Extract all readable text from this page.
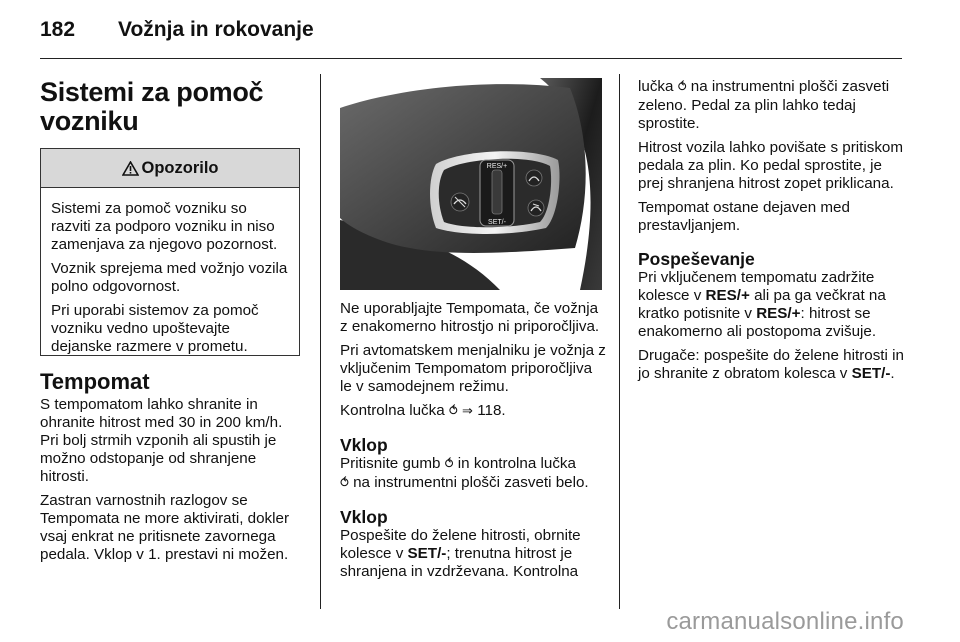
182 Vožnja in rokovanje
Sistemi za pomoč
vozniku
Opozorilo

Sistemi za pomoč vozniku so razviti za podporo vozniku in niso zamenjava za njegovo pozornost.

Voznik sprejema med vožnjo vozila polno odgovornost.

Pri uporabi sistemov za pomoč vozniku vedno upoštevajte dejanske razmere v prometu.

Tempomat

S tempomatom lahko shranite in ohranite hitrost med 30 in 200 km/h. Pri bolj strmih vzponih ali spustih je možno odstopanje od shranjene hitrosti.

Zastran varnostnih razlogov se Tempomata ne more aktivirati, dokler vsaj enkrat ne pritisnete zavornega pedala. Vklop v 1. prestavi ni možen.

RES/+
SET/-

Ne uporabljajte Tempomata, če vožnja z enakomerno hitrostjo ni priporočljiva.

Pri avtomatskem menjalniku je vožnja z vključenim Tempomatom priporočljiva le v samodejnem režimu.

Kontrolna lučka ⥀ ⇒ 118.

Vklop

Pritisnite gumb ⥀ in kontrolna lučka
⥀ na instrumentni plošči zasveti belo.

Vklop

Pospešite do želene hitrosti, obrnite kolesce v SET/-; trenutna hitrost je shranjena in vzdrževana. Kontrolna

lučka ⥀ na instrumentni plošči zasveti zeleno. Pedal za plin lahko tedaj sprostite.

Hitrost vozila lahko povišate s pritiskom pedala za plin. Ko pedal sprostite, je prej shranjena hitrost zopet priklicana.

Tempomat ostane dejaven med prestavljanjem.

Pospeševanje

Pri vključenem tempomatu zadržite kolesce v RES/+ ali pa ga večkrat na kratko potisnite v RES/+: hitrost se enakomerno ali postopoma zvišuje.

Drugače: pospešite do želene hitrosti in jo shranite z obratom kolesca v SET/-.

carmanualsonline.info
